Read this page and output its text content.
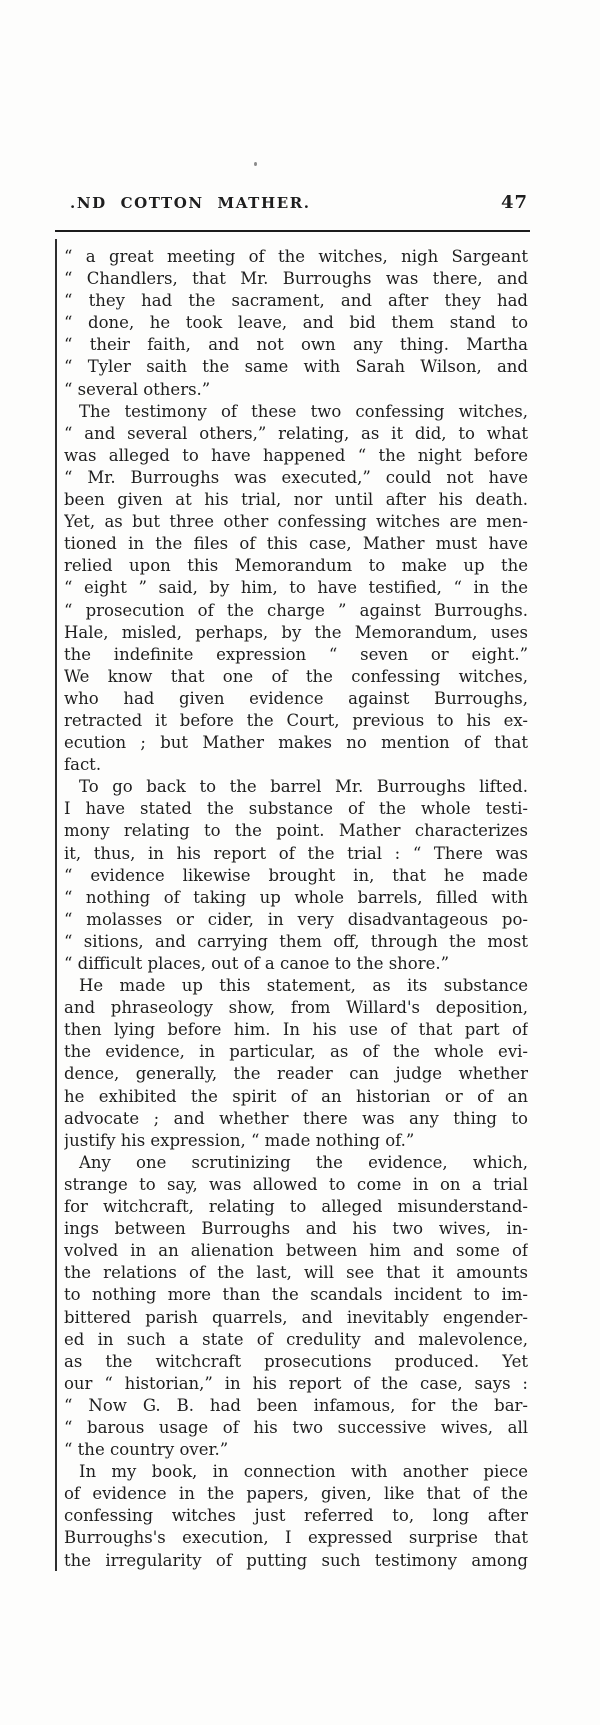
.ND COTTON MATHER.	47
“ a great meeting of the witches, nigh Sargeant
“ Chandlers, that Mr. Burroughs was there, and
“ they had the sacrament, and after they had
“ done, he took leave, and bid them stand to
“ their faith, and not own any thing. Martha
“ Tyler saith the same with Sarah Wilson, and
“ several others.”
The testimony of these two confessing witches,
“ and several others,” relating, as it did, to what
was alleged to have happened “ the night before
“ Mr. Burroughs was executed,” could not have
been given at his trial, nor until after his death.
Yet, as but three other confessing witches are men-
tioned in the files of this case, Mather must have
relied upon this Memorandum to make up the
“ eight ” said, by him, to have testified, “ in the
“ prosecution of the charge ” against Burroughs.
Hale, misled, perhaps, by the Memorandum, uses
the indefinite expression “ seven or eight.”
We know that one of the confessing witches,
who had given evidence against Burroughs,
retracted it before the Court, previous to his ex-
ecution ; but Mather makes no mention of that
fact.
To go back to the barrel Mr. Burroughs lifted.
I have stated the substance of the whole testi-
mony relating to the point. Mather characterizes
it, thus, in his report of the trial : “ There was
“ evidence likewise brought in, that he made
“ nothing of taking up whole barrels, filled with
“ molasses or cider, in very disadvantageous po-
“ sitions, and carrying them off, through the most
“ difficult places, out of a canoe to the shore.”
He made up this statement, as its substance
and phraseology show, from Willard's deposition,
then lying before him. In his use of that part of
the evidence, in particular, as of the whole evi-
dence, generally, the reader can judge whether
he exhibited the spirit of an historian or of an
advocate ; and whether there was any thing to
justify his expression, “ made nothing of.”
Any one scrutinizing the evidence, which,
strange to say, was allowed to come in on a trial
for witchcraft, relating to alleged misunderstand-
ings between Burroughs and his two wives, in-
volved in an alienation between him and some of
the relations of the last, will see that it amounts
to nothing more than the scandals incident to im-
bittered parish quarrels, and inevitably engender-
ed in such a state of credulity and malevolence,
as the witchcraft prosecutions produced. Yet
our “ historian,” in his report of the case, says :
“ Now G. B. had been infamous, for the bar-
“ barous usage of his two successive wives, all
“ the country over.”
In my book, in connection with another piece
of evidence in the papers, given, like that of the
confessing witches just referred to, long after
Burroughs's execution, I expressed surprise that
the irregularity of putting such testimony among
